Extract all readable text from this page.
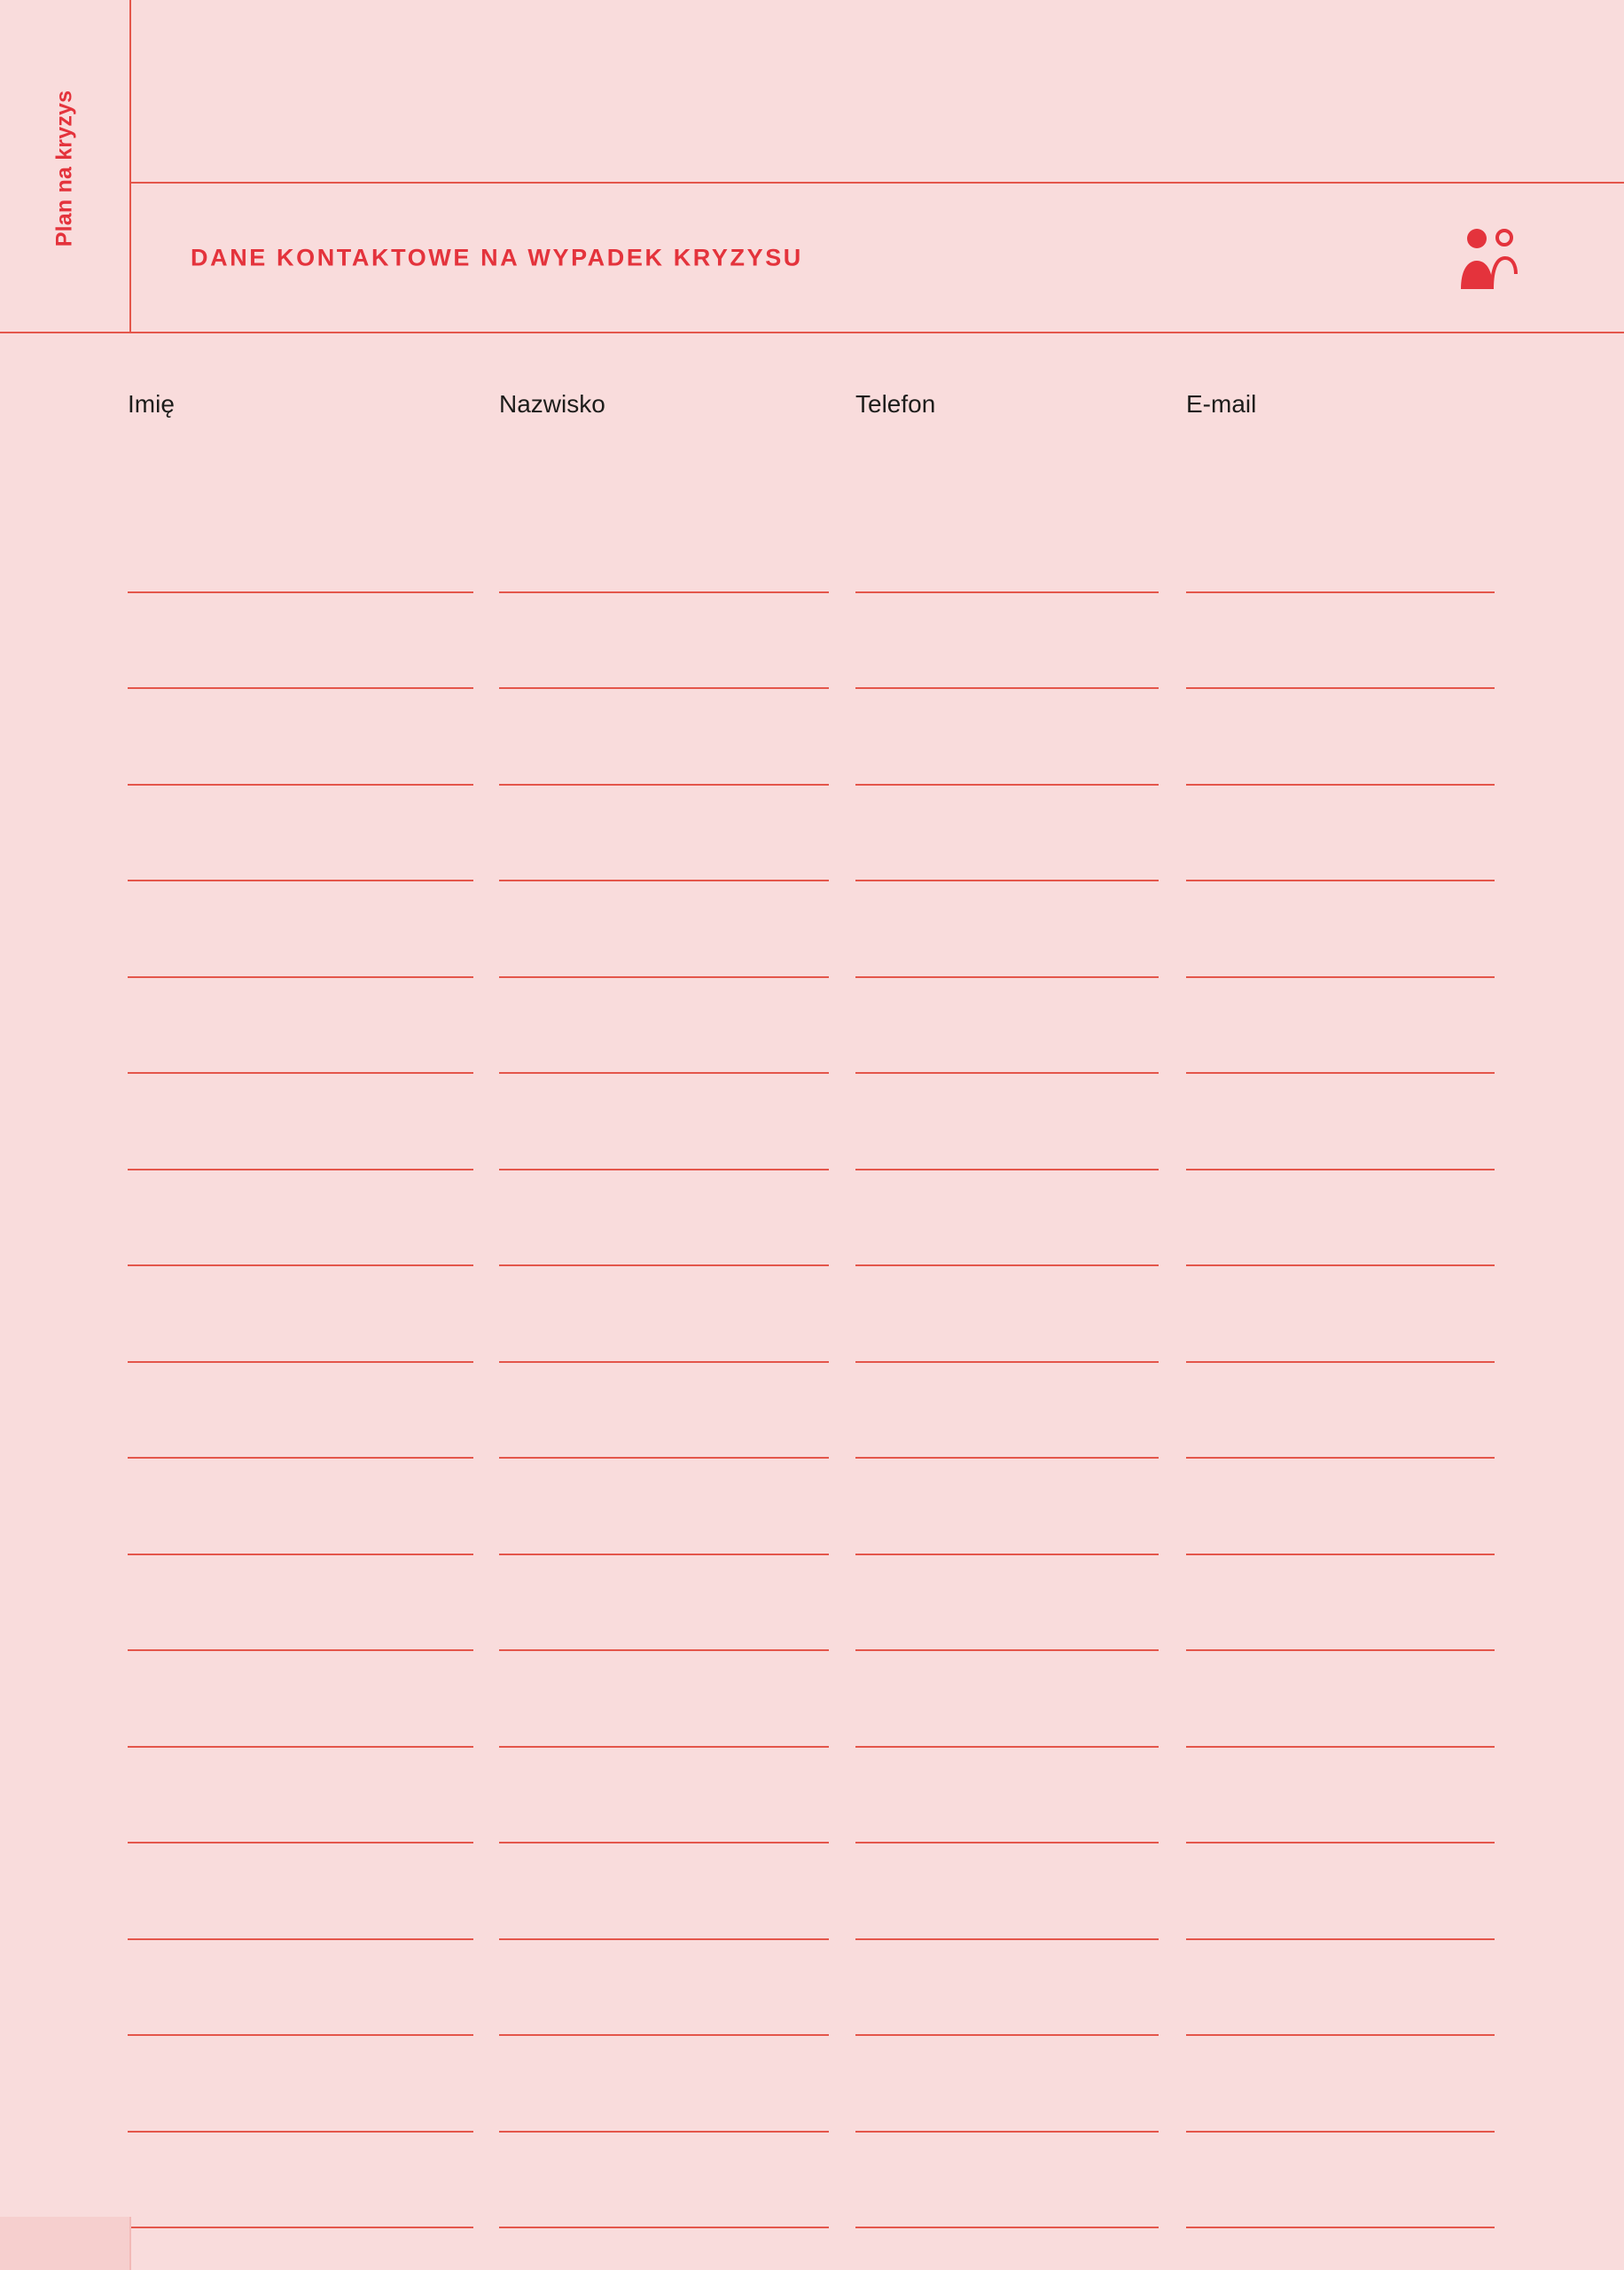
Plan na kryzys
DANE KONTAKTOWE NA WYPADEK KRYZYSU
Imię	Nazwisko	Telefon	E-mail
